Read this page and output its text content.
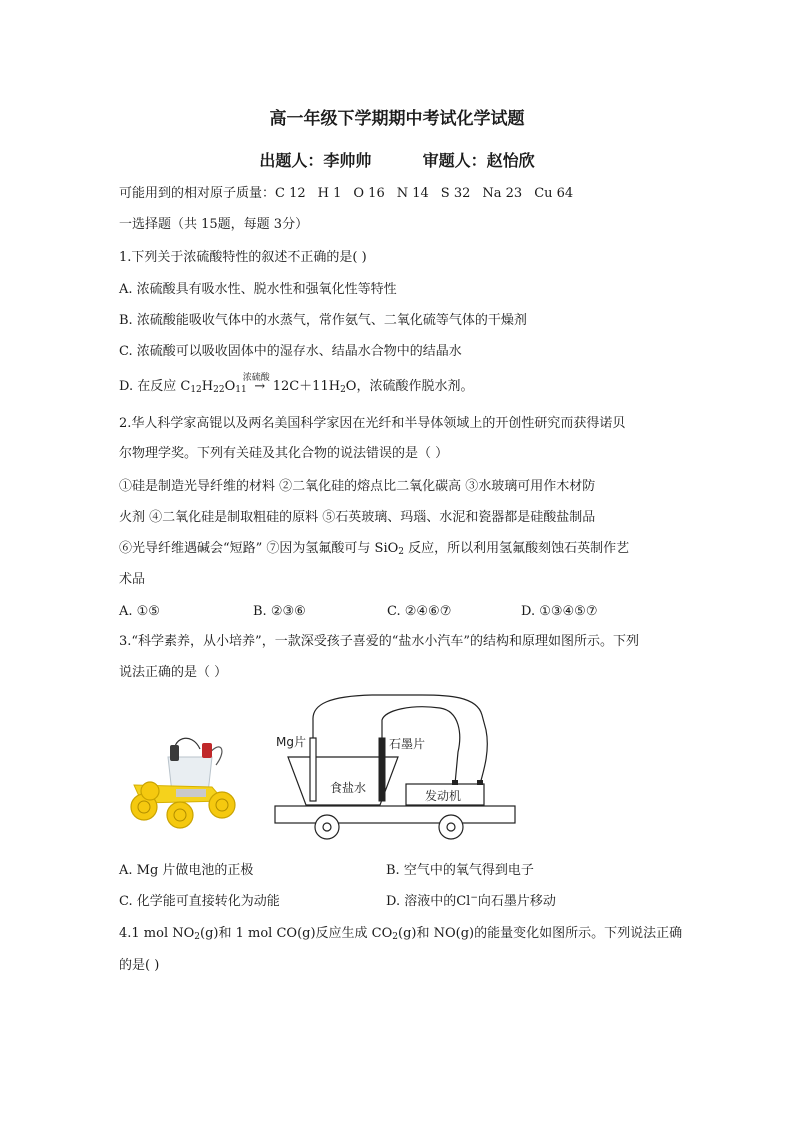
高一年级下学期期中考试化学试题
出题人：李帅帅	审题人：赵怡欣
可能用到的相对原子质量：C 12 H 1 O 16 N 14 S 32 Na 23 Cu 64
一选择题（共 15题，每题 3分）
1.下列关于浓硫酸特性的叙述不正确的是( )
A. 浓硫酸具有吸水性、脱水性和强氧化性等特性
B. 浓硫酸能吸收气体中的水蒸气，常作氨气、二氧化硫等气体的干燥剂
C. 浓硫酸可以吸收固体中的湿存水、结晶水合物中的结晶水
D. 在反应 $C_{12}H_{22}O_{11}$
浓硫酸
→ $12C+11H_2O$，浓硫酸作脱水剂。
2.华人科学家高锟以及两名美国科学家因在光纤和半导体领域上的开创性研究而获得诺贝
尔物理学奖。下列有关硅及其化合物的说法错误的是（ ）
①硅是制造光导纤维的材料 ②二氧化硅的熔点比二氧化碳高 ③水玻璃可用作木材防
火剂 ④二氧化硅是制取粗硅的原料 ⑤石英玻璃、玛瑙、水泥和瓷器都是硅酸盐制品
⑥光导纤维遇碱会“短路” ⑦因为氢氟酸可与 SiO$_2$ 反应，所以利用氢氟酸刻蚀石英制作艺
术品
A. ①⑤	B. ②③⑥	C. ②④⑥⑦	D. ①③④⑤⑦
3.“科学素养，从小培养”，一款深受孩子喜爱的“盐水小汽车”的结构和原理如图所示。下列
说法正确的是（ ）
Mg片	石墨片
食盐水
发动机
A. Mg 片做电池的正极	B. 空气中的氧气得到电子
C. 化学能可直接转化为动能	D. 溶液中的Cl−向石墨片移动
4.1 mol $NO_2(g)$和 1 mol CO(g)反应生成 $CO_2(g)$和 NO(g)的能量变化如图所示。下列说法正确
的是( )
